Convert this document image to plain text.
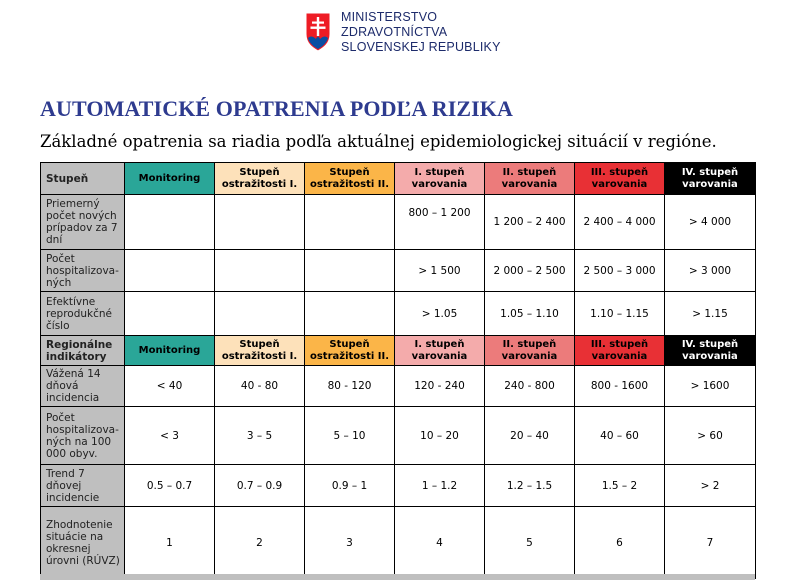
MINISTERSTVO
ZDRAVOTNÍCTVA
SLOVENSKEJ REPUBLIKY
AUTOMATICKÉ OPATRENIA PODĽA RIZIKA
Základné opatrenia sa riadia podľa aktuálnej epidemiologickej situácií v regióne.
Stupeň	Monitoring	Stupeň ostražitosti I.	Stupeň ostražitosti II.	I. stupeň varovania	II. stupeň varovania	III. stupeň varovania	IV. stupeň varovania
Priemerný počet nových prípadov za 7 dní				800 – 1 200	1 200 – 2 400	2 400 – 4 000	> 4 000
Počet hospitalizova-ných				> 1 500	2 000 – 2 500	2 500 – 3 000	> 3 000
Efektívne reprodukčné číslo				> 1.05	1.05 – 1.10	1.10 – 1.15	> 1.15
Regionálne indikátory	Monitoring	Stupeň ostražitosti I.	Stupeň ostražitosti II.	I. stupeň varovania	II. stupeň varovania	III. stupeň varovania	IV. stupeň varovania
Vážená 14 dňová incidencia	< 40	40 - 80	80 - 120	120 - 240	240 - 800	800 - 1600	> 1600
Počet hospitalizova-ných na 100 000 obyv.	< 3	3 – 5	5 – 10	10 – 20	20 – 40	40 – 60	> 60
Trend 7 dňovej incidencie	0.5 – 0.7	0.7 – 0.9	0.9 – 1	1 – 1.2	1.2 – 1.5	1.5 – 2	> 2
Zhodnotenie situácie na okresnej úrovni (RÚVZ)	1	2	3	4	5	6	7
